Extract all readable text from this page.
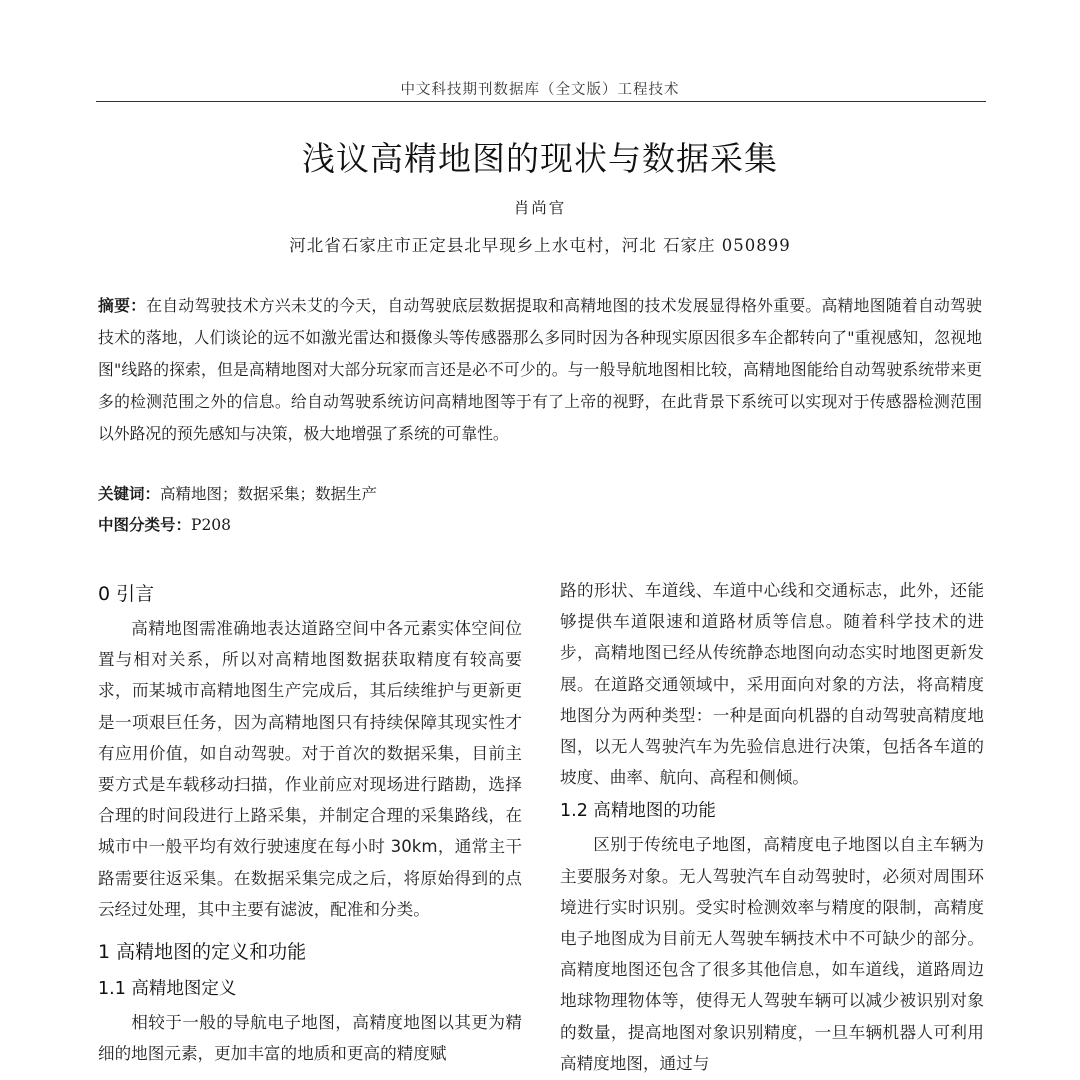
中文科技期刊数据库（全文版）工程技术
浅议高精地图的现状与数据采集
肖尚官
河北省石家庄市正定县北早现乡上水屯村，河北 石家庄 050899

摘要：在自动驾驶技术方兴未艾的今天，自动驾驶底层数据提取和高精地图的技术发展显得格外重要。高精地图随着自动驾驶技术的落地，人们谈论的远不如激光雷达和摄像头等传感器那么多同时因为各种现实原因很多车企都转向了"重视感知，忽视地图"线路的探索，但是高精地图对大部分玩家而言还是必不可少的。与一般导航地图相比较，高精地图能给自动驾驶系统带来更多的检测范围之外的信息。给自动驾驶系统访问高精地图等于有了上帝的视野，在此背景下系统可以实现对于传感器检测范围以外路况的预先感知与决策，极大地增强了系统的可靠性。

关键词：高精地图；数据采集；数据生产

中图分类号：P208

0 引言

高精地图需准确地表达道路空间中各元素实体空间位置与相对关系，所以对高精地图数据获取精度有较高要求，而某城市高精地图生产完成后，其后续维护与更新更是一项艰巨任务，因为高精地图只有持续保障其现实性才有应用价值，如自动驾驶。对于首次的数据采集，目前主要方式是车载移动扫描，作业前应对现场进行踏勘，选择合理的时间段进行上路采集，并制定合理的采集路线，在城市中一般平均有效行驶速度在每小时 30km，通常主干路需要往返采集。在数据采集完成之后，将原始得到的点云经过处理，其中主要有滤波，配准和分类。

1 高精地图的定义和功能
1.1 高精地图定义

相较于一般的导航电子地图，高精度地图以其更为精细的地图元素，更加丰富的地质和更高的精度赋

路的形状、车道线、车道中心线和交通标志，此外，还能够提供车道限速和道路材质等信息。随着科学技术的进步，高精地图已经从传统静态地图向动态实时地图更新发展。在道路交通领域中，采用面向对象的方法，将高精度地图分为两种类型：一种是面向机器的自动驾驶高精度地图，以无人驾驶汽车为先验信息进行决策，包括各车道的坡度、曲率、航向、高程和侧倾。

1.2 高精地图的功能

区别于传统电子地图，高精度电子地图以自主车辆为主要服务对象。无人驾驶汽车自动驾驶时，必须对周围环境进行实时识别。受实时检测效率与精度的限制，高精度电子地图成为目前无人驾驶车辆技术中不可缺少的部分。高精度地图还包含了很多其他信息，如车道线，道路周边地球物理物体等，使得无人驾驶车辆可以减少被识别对象的数量，提高地图对象识别精度，一旦车辆机器人可利用高精度地图，通过与
